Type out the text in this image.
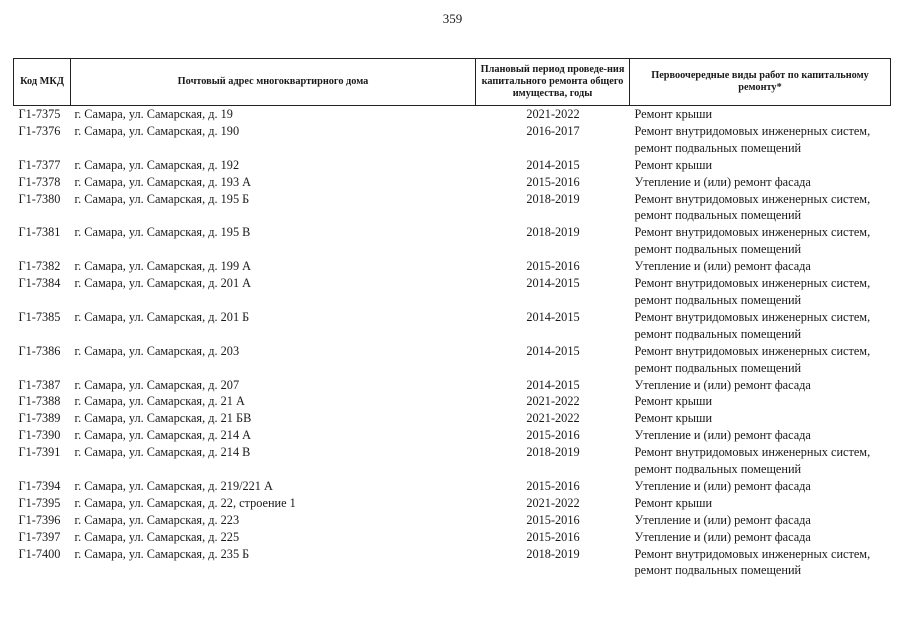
359
Код МКД	Почтовый адрес многоквартирного дома	Плановый период проведе-ния капитального ремонта общего имущества, годы	Первоочередные виды работ по капитальному ремонту*
Г1-7375	г. Самара, ул. Самарская, д. 19	2021-2022	Ремонт крыши
Г1-7376	г. Самара, ул. Самарская, д. 190	2016-2017	Ремонт внутридомовых инженерных систем,
ремонт подвальных помещений
Г1-7377	г. Самара, ул. Самарская, д. 192	2014-2015	Ремонт крыши
Г1-7378	г. Самара, ул. Самарская, д. 193 А	2015-2016	Утепление и (или) ремонт фасада
Г1-7380	г. Самара, ул. Самарская, д. 195 Б	2018-2019	Ремонт внутридомовых инженерных систем,
ремонт подвальных помещений
Г1-7381	г. Самара, ул. Самарская, д. 195 В	2018-2019	Ремонт внутридомовых инженерных систем,
ремонт подвальных помещений
Г1-7382	г. Самара, ул. Самарская, д. 199 А	2015-2016	Утепление и (или) ремонт фасада
Г1-7384	г. Самара, ул. Самарская, д. 201 А	2014-2015	Ремонт внутридомовых инженерных систем,
ремонт подвальных помещений
Г1-7385	г. Самара, ул. Самарская, д. 201 Б	2014-2015	Ремонт внутридомовых инженерных систем,
ремонт подвальных помещений
Г1-7386	г. Самара, ул. Самарская, д. 203	2014-2015	Ремонт внутридомовых инженерных систем,
ремонт подвальных помещений
Г1-7387	г. Самара, ул. Самарская, д. 207	2014-2015	Утепление и (или) ремонт фасада
Г1-7388	г. Самара, ул. Самарская, д. 21 А	2021-2022	Ремонт крыши
Г1-7389	г. Самара, ул. Самарская, д. 21 БВ	2021-2022	Ремонт крыши
Г1-7390	г. Самара, ул. Самарская, д. 214 А	2015-2016	Утепление и (или) ремонт фасада
Г1-7391	г. Самара, ул. Самарская, д. 214 В	2018-2019	Ремонт внутридомовых инженерных систем,
ремонт подвальных помещений
Г1-7394	г. Самара, ул. Самарская, д. 219/221 А	2015-2016	Утепление и (или) ремонт фасада
Г1-7395	г. Самара, ул. Самарская, д. 22, строение 1	2021-2022	Ремонт крыши
Г1-7396	г. Самара, ул. Самарская, д. 223	2015-2016	Утепление и (или) ремонт фасада
Г1-7397	г. Самара, ул. Самарская, д. 225	2015-2016	Утепление и (или) ремонт фасада
Г1-7400	г. Самара, ул. Самарская, д. 235 Б	2018-2019	Ремонт внутридомовых инженерных систем,
ремонт подвальных помещений
